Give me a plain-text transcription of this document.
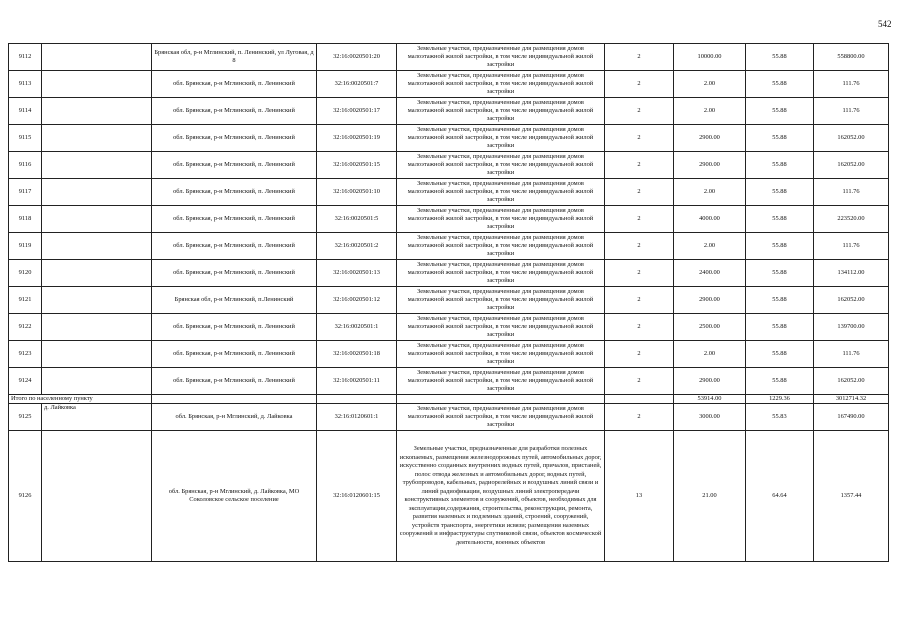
542
9112		Брянская обл, р-н Мглинский, п. Ленинский, ул Луговая, д 8	32:16:0020501:20	Земельные участки, предназначенные для размещения домов малоэтажной жилой застройки, в том числе индивидуальной жилой застройки	2	10000.00	55.88	558800.00
9113		обл. Брянская, р-н Мглинский, п. Ленинский	32:16:0020501:7	Земельные участки, предназначенные для размещения домов малоэтажной жилой застройки, в том числе индивидуальной жилой застройки	2	2.00	55.88	111.76
9114		обл. Брянская, р-н Мглинский, п. Ленинский	32:16:0020501:17	Земельные участки, предназначенные для размещения домов малоэтажной жилой застройки, в том числе индивидуальной жилой застройки	2	2.00	55.88	111.76
9115		обл. Брянская, р-н Мглинский, п. Ленинский	32:16:0020501:19	Земельные участки, предназначенные для размещения домов малоэтажной жилой застройки, в том числе индивидуальной жилой застройки	2	2900.00	55.88	162052.00
9116		обл. Брянская, р-н Мглинский, п. Ленинский	32:16:0020501:15	Земельные участки, предназначенные для размещения домов малоэтажной жилой застройки, в том числе индивидуальной жилой застройки	2	2900.00	55.88	162052.00
9117		обл. Брянская, р-н Мглинский, п. Ленинский	32:16:0020501:10	Земельные участки, предназначенные для размещения домов малоэтажной жилой застройки, в том числе индивидуальной жилой застройки	2	2.00	55.88	111.76
9118		обл. Брянская, р-н Мглинский, п. Ленинский	32:16:0020501:5	Земельные участки, предназначенные для размещения домов малоэтажной жилой застройки, в том числе индивидуальной жилой застройки	2	4000.00	55.88	223520.00
9119		обл. Брянская, р-н Мглинский, п. Ленинский	32:16:0020501:2	Земельные участки, предназначенные для размещения домов малоэтажной жилой застройки, в том числе индивидуальной жилой застройки	2	2.00	55.88	111.76
9120		обл. Брянская, р-н Мглинский, п. Ленинский	32:16:0020501:13	Земельные участки, предназначенные для размещения домов малоэтажной жилой застройки, в том числе индивидуальной жилой застройки	2	2400.00	55.88	134112.00
9121		Брянская обл, р-н Мглинский, п.Ленинский	32:16:0020501:12	Земельные участки, предназначенные для размещения домов малоэтажной жилой застройки, в том числе индивидуальной жилой застройки	2	2900.00	55.88	162052.00
9122		обл. Брянская, р-н Мглинский, п. Ленинский	32:16:0020501:1	Земельные участки, предназначенные для размещения домов малоэтажной жилой застройки, в том числе индивидуальной жилой застройки	2	2500.00	55.88	139700.00
9123		обл. Брянская, р-н Мглинский, п. Ленинский	32:16:0020501:18	Земельные участки, предназначенные для размещения домов малоэтажной жилой застройки, в том числе индивидуальной жилой застройки	2	2.00	55.88	111.76
9124		обл. Брянская, р-н Мглинский, п. Ленинский	32:16:0020501:11	Земельные участки, предназначенные для размещения домов малоэтажной жилой застройки, в том числе индивидуальной жилой застройки	2	2900.00	55.88	162052.00
Итого по населенному пункту						53914.00	1229.36	3012714.32
9125	д. Лайковка	обл. Брянская, р-н Мглинский, д. Лайковка	32:16:0120601:1	Земельные участки, предназначенные для размещения домов малоэтажной жилой застройки, в том числе индивидуальной жилой застройки	2	3000.00	55.83	167490.00
9126		обл. Брянская, р-н Мглинский, д. Лайковка, МО Соколовское сельское поселение	32:16:0120601:15	Земельные участки, предназначенные для разработки полезных ископаемых, размещения железнодорожных путей, автомобильных дорог, искусственно созданных внутренних водных путей, причалов, пристаней, полос отвода железных и автомобильных дорог, водных путей, трубопроводов, кабельных, радиорелейных и воздушных линий связи и линий радиофикации, воздушных линий электропередачи конструктивных элементов и сооружений, объектов, необходимых для эксплуатации,содержания, строительства, реконструкции, ремонта, развития наземных и подземных зданий, строений, сооружений, устройств транспорта, энергетики исвязи; размещения наземных сооружений и инфраструктуры спутниковой связи, объектов космической деятельности, военных объектов	13	21.00	64.64	1357.44
